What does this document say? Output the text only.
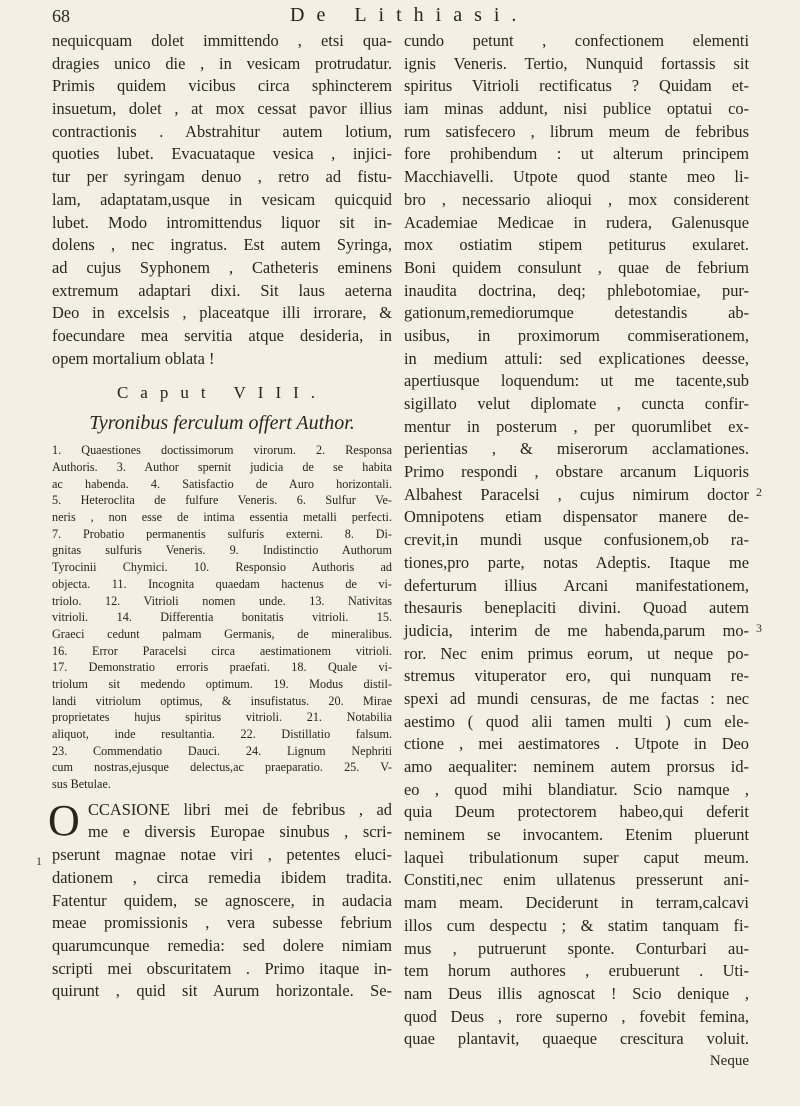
68	De Lithiasi.
nequicquam dolet immittendo , etsi qua-
dragies unico die , in vesicam protrudatur.
Primis quidem vicibus circa sphincterem
insuetum, dolet , at mox cessat pavor illius
contractionis . Abstrahitur autem lotium,
quoties lubet. Evacuataque vesica , injici-
tur per syringam denuo , retro ad fistu-
lam, adaptatam,usque in vesicam quicquid
lubet. Modo intromittendus liquor sit in-
dolens , nec ingratus. Est autem Syringa,
ad cujus Syphonem , Catheteris eminens
extremum adaptari dixi. Sit laus aeterna
Deo in excelsis , placeatque illi irrorare, &
foecundare mea servitia atque desideria, in
opem mortalium oblata !
Caput VIII.
Tyronibus ferculum offert Author.
1. Quaestiones doctissimorum virorum. 2. Responsa
Authoris. 3. Author spernit judicia de se habita
ac habenda. 4. Satisfactio de Auro horizontali.
5. Heteroclita de fulfure Veneris. 6. Sulfur Ve-
neris , non esse de intima essentia metalli perfecti.
7. Probatio permanentis sulfuris externi. 8. Di-
gnitas sulfuris Veneris. 9. Indistinctio Authorum
Tyrocinii Chymici. 10. Responsio Authoris ad
objecta. 11. Incognita quaedam hactenus de vi-
triolo. 12. Vitrioli nomen unde. 13. Nativitas
vitrioli. 14. Differentia bonitatis vitrioli. 15.
Graeci cedunt palmam Germanis, de mineralibus.
16. Error Paracelsi circa aestimationem vitrioli.
17. Demonstratio erroris praefati. 18. Quale vi-
triolum sit medendo optimum. 19. Modus distil-
landi vitriolum optimus, & insufistatus. 20. Mirae
proprietates hujus spiritus vitrioli. 21. Notabilia
aliquot, inde resultantia. 22. Distillatio falsum.
23. Commendatio Dauci. 24. Lignum Nephriti
cum nostras,ejusque delectus,ac praeparatio. 25. V-
sus Betulae.
O CCASIONE libri mei de febribus , ad
me e diversis Europae sinubus , scri-
pserunt magnae notae viri , petentes eluci-
dationem , circa remedia ibidem tradita.
Fatentur quidem, se agnoscere, in audacia
meae promissionis , vera subesse febrium
quarumcunque remedia: sed dolere nimiam
scripti mei obscuritatem . Primo itaque in-
quirunt , quid sit Aurum horizontale. Se-
1
cundo petunt , confectionem elementi
ignis Veneris. Tertio, Nunquid fortassis sit
spiritus Vitrioli rectificatus ? Quidam et-
iam minas addunt, nisi publice optatui co-
rum satisfecero , librum meum de febribus
fore prohibendum : ut alterum principem
Macchiavelli. Utpote quod stante meo li-
bro , necessario alioqui , mox considerent
Academiae Medicae in rudera, Galenusque
mox ostiatim stipem petiturus exularet.
Boni quidem consulunt , quae de febrium
inaudita doctrina, deq; phlebotomiae, pur-
gationum,remediorumque detestandis ab-
usibus, in proximorum commiserationem,
in medium attuli: sed explicationes deesse,
apertiusque loquendum: ut me tacente,sub
sigillato velut diplomate , cuncta confir-
mentur in posterum , per quorumlibet ex-
perientias , & miserorum acclamationes.
Primo respondi , obstare arcanum Liquoris
Albahest Paracelsi , cujus nimirum doctor
Omnipotens etiam dispensator manere de-
crevit,in mundi usque confusionem,ob ra-
tiones,pro parte, notas Adeptis. Itaque me
deferturum illius Arcani manifestationem,
thesauris beneplaciti divini. Quoad autem
judicia, interim de me habenda,parum mo-
ror. Nec enim primus eorum, ut neque po-
stremus vituperator ero, qui nunquam re-
spexi ad mundi censuras, de me factas : nec
aestimo ( quod alii tamen multi ) cum ele-
ctione , mei aestimatores . Utpote in Deo
amo aequaliter: neminem autem prorsus id-
eo , quod mihi blandiatur. Scio namque ,
quia Deum protectorem habeo,qui deferit
neminem se invocantem. Etenim pluerunt
laqueì tribulationum super caput meum.
Constiti,nec enim ullatenus presserunt ani-
mam meam. Deciderunt in terram,calcavi
illos cum despectu ; & statim tanquam fi-
mus , putruerunt sponte. Conturbari au-
tem horum authores , erubuerunt . Uti-
nam Deus illis agnoscat ! Scio denique ,
quod Deus , rore superno , fovebit femina,
quae plantavit, quaeque crescitura voluit.
Neque
2
3
